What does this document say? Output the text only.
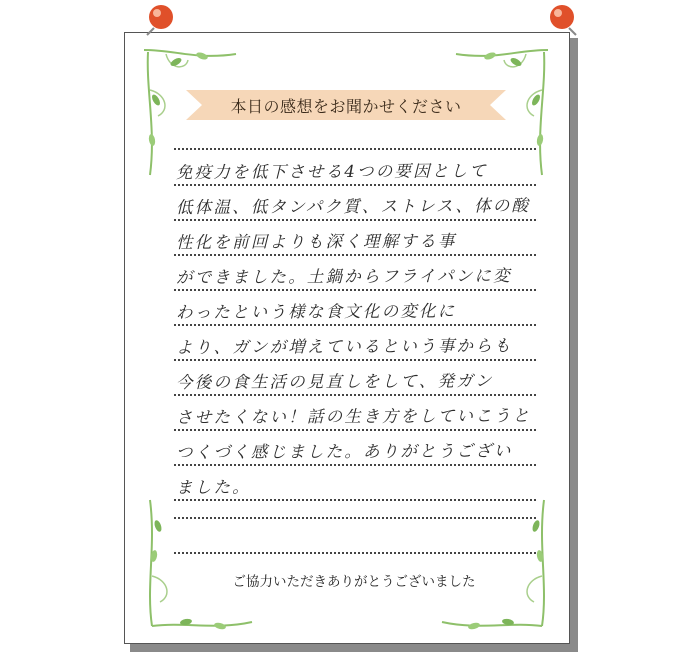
本日の感想をお聞かせください
免疫力を低下させる4つの要因として
低体温、低タンパク質、ストレス、体の酸
性化を前回よりも深く理解する事
ができました。土鍋からフライパンに変
わったという様な食文化の変化に
より、ガンが増えているという事からも
今後の食生活の見直しをして、発ガン
させたくない！話の生き方をしていこうと
つくづく感じました。ありがとうござい
ました。
ご協力いただきありがとうございました
